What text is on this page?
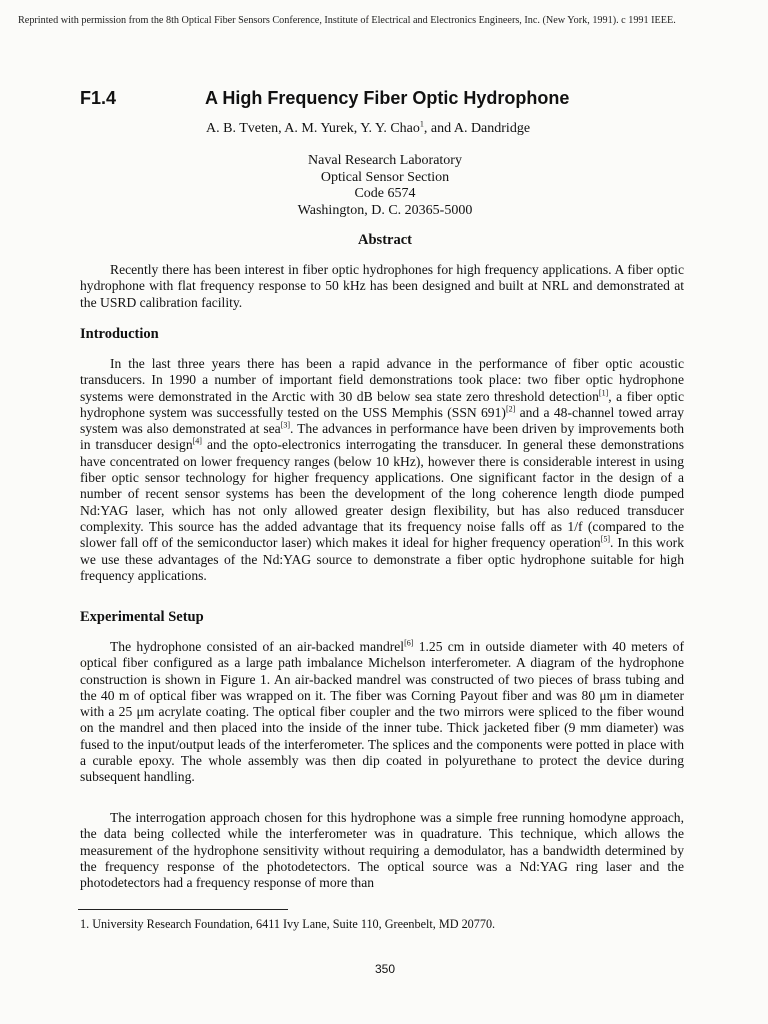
Reprinted with permission from the 8th Optical Fiber Sensors Conference, Institute of Electrical and Electronics Engineers, Inc. (New York, 1991). c 1991 IEEE.
F1.4	A High Frequency Fiber Optic Hydrophone
A. B. Tveten, A. M. Yurek, Y. Y. Chao$^1$, and A. Dandridge
Naval Research Laboratory
Optical Sensor Section
Code 6574
Washington, D. C. 20365-5000
Abstract
Recently there has been interest in fiber optic hydrophones for high frequency applications. A fiber optic hydrophone with flat frequency response to 50 kHz has been designed and built at NRL and demonstrated at the USRD calibration facility.
Introduction
In the last three years there has been a rapid advance in the performance of fiber optic acoustic transducers. In 1990 a number of important field demonstrations took place: two fiber optic hydrophone systems were demonstrated in the Arctic with 30 dB below sea state zero threshold detection[1], a fiber optic hydrophone system was successfully tested on the USS Memphis (SSN 691)[2] and a 48-channel towed array system was also demonstrated at sea[3]. The advances in performance have been driven by improvements both in transducer design[4] and the opto-electronics interrogating the transducer. In general these demonstrations have concentrated on lower frequency ranges (below 10 kHz), however there is considerable interest in using fiber optic sensor technology for higher frequency applications. One significant factor in the design of a number of recent sensor systems has been the development of the long coherence length diode pumped Nd:YAG laser, which has not only allowed greater design flexibility, but has also reduced transducer complexity. This source has the added advantage that its frequency noise falls off as 1/f (compared to the slower fall off of the semiconductor laser) which makes it ideal for higher frequency operation[5]. In this work we use these advantages of the Nd:YAG source to demonstrate a fiber optic hydrophone suitable for high frequency applications.
Experimental Setup
The hydrophone consisted of an air-backed mandrel[6] 1.25 cm in outside diameter with 40 meters of optical fiber configured as a large path imbalance Michelson interferometer. A diagram of the hydrophone construction is shown in Figure 1. An air-backed mandrel was constructed of two pieces of brass tubing and the 40 m of optical fiber was wrapped on it. The fiber was Corning Payout fiber and was 80 μm in diameter with a 25 μm acrylate coating. The optical fiber coupler and the two mirrors were spliced to the fiber wound on the mandrel and then placed into the inside of the inner tube. Thick jacketed fiber (9 mm diameter) was fused to the input/output leads of the interferometer. The splices and the components were potted in place with a curable epoxy. The whole assembly was then dip coated in polyurethane to protect the device during subsequent handling.
The interrogation approach chosen for this hydrophone was a simple free running homodyne approach, the data being collected while the interferometer was in quadrature. This technique, which allows the measurement of the hydrophone sensitivity without requiring a demodulator, has a bandwidth determined by the frequency response of the photodetectors. The optical source was a Nd:YAG ring laser and the photodetectors had a frequency response of more than
1. University Research Foundation, 6411 Ivy Lane, Suite 110, Greenbelt, MD 20770.
350
